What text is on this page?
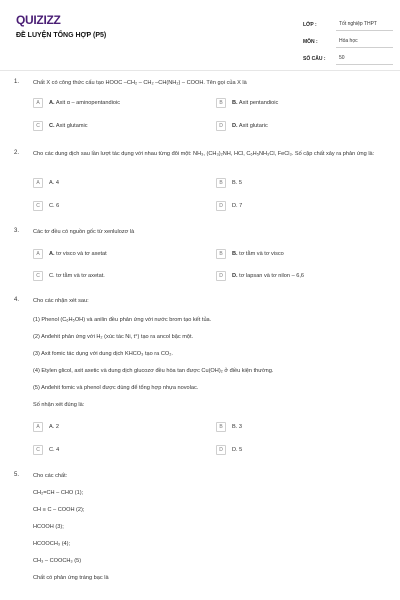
QUIZIZZ
ĐỀ LUYỆN TỔNG HỢP (P5)
LỚP :	Tốt nghiệp THPT
MÔN :	Hóa học
SỐ CÂU :	50
1. Chất X có công thức cấu tạo HOOC –CH₂ – CH₂ –CH(NH₂) – COOH. Tên gọi của X là
A	A. Axit α – aminopentandioic	B	B. Axit pentandioic
C	C. Axit glutamic	D	D. Axit glutaric
2. Cho các dung dịch sau lần lượt tác dụng với nhau từng đôi một: NH₃, (CH₃)₂NH, HCl, C₆H₅NH₃Cl, FeCl₃. Số cặp chất xảy ra phản ứng là:
A	A. 4	B	B. 5
C	C. 6	D	D. 7
3. Các tơ đều có nguồn gốc từ xenlulozơ là
A	A. tơ visco và tơ axetat	B	B. tơ tằm và tơ visco
C	C. tơ tằm và tơ axetat.	D	D. tơ lapsan và tơ nilon – 6,6
4. Cho các nhận xét sau:
(1) Phenol (C₆H₅OH) và anilin đều phản ứng với nước brom tạo kết tủa.
(2) Anđehit phản ứng với H₂ (xúc tác Ni, t°) tạo ra ancol bậc một.
(3) Axit fomic tác dụng với dung dịch KHCO₃ tạo ra CO₂.
(4) Etylen glicol, axit axetic và dung dịch glucozơ đều hòa tan được Cu(OH)₂ ở điều kiện thường.
(5) Anđehit fomic và phenol được dùng để tổng hợp nhựa novolac.
Số nhận xét đúng là:
A	A. 2	B	B. 3
C	C. 4	D	D. 5
5. Cho các chất:
CH₂=CH – CHO (1);
CH ≡ C – COOH (2);
HCOOH (3);
HCOOCH₃ (4);
CH₃ – COOCH₃ (5)
Chất có phản ứng tráng bạc là
